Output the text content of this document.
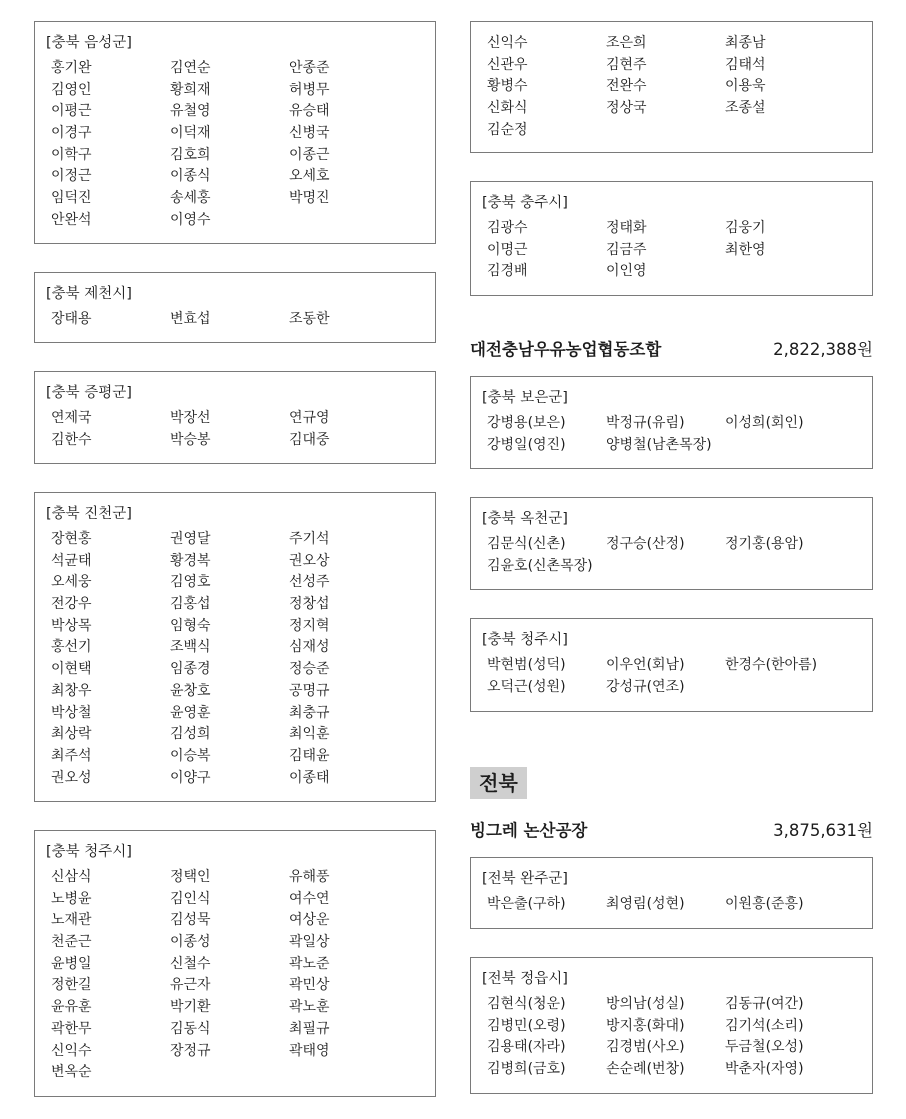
[충북 음성군]
홍기완	김연순	안종준
김영인	황희재	허병무
이평근	유철영	유승태
이경구	이덕재	신병국
이학구	김호희	이종근
이정근	이종식	오세호
임덕진	송세홍	박명진
안완석	이영수
[충북 제천시]
장태용	변효섭	조동한
[충북 증평군]
연제국	박장선	연규영
김한수	박승봉	김대중
[충북 진천군]
장현홍	권영달	주기석
석균태	황경복	권오상
오세웅	김영호	선성주
전강우	김홍섭	정창섭
박상목	임형숙	정지혁
홍선기	조백식	심재성
이현택	임종경	정승준
최창우	윤창호	공명규
박상철	윤영훈	최충규
최상락	김성희	최익훈
최주석	이승복	김태윤
권오성	이양구	이종태
[충북 청주시]
신삼식	정택인	유해풍
노병윤	김인식	여수연
노재관	김성묵	여상운
천준근	이종성	곽일상
윤병일	신철수	곽노준
정한길	유근자	곽민상
윤유훈	박기환	곽노훈
곽한무	김동식	최필규
신익수	장정규	곽태영
변옥순
신익수	조은희	최종남
신관우	김현주	김태석
황병수	전완수	이용욱
신화식	정상국	조종설
김순정
[충북 충주시]
김광수	정태화	김웅기
이명근	김금주	최한영
김경배	이인영
대전충남우유농업협동조합	2,822,388원
[충북 보은군]
강병용(보은)	박정규(유림)	이성희(회인)
강병일(영진)	양병철(남촌목장)
[충북 옥천군]
김문식(신촌)	정구승(산정)	정기홍(용암)
김윤호(신촌목장)
[충북 청주시]
박현범(성덕)	이우언(회남)	한경수(한아름)
오덕근(성원)	강성규(연조)
전북
빙그레 논산공장	3,875,631원
[전북 완주군]
박은출(구하)	최영림(성현)	이원흥(준흥)
[전북 정읍시]
김현식(청운)	방의남(성실)	김동규(여간)
김병민(오령)	방지홍(화대)	김기석(소리)
김용태(자라)	김경범(사오)	두금철(오성)
김병희(금호)	손순례(번창)	박춘자(자영)
